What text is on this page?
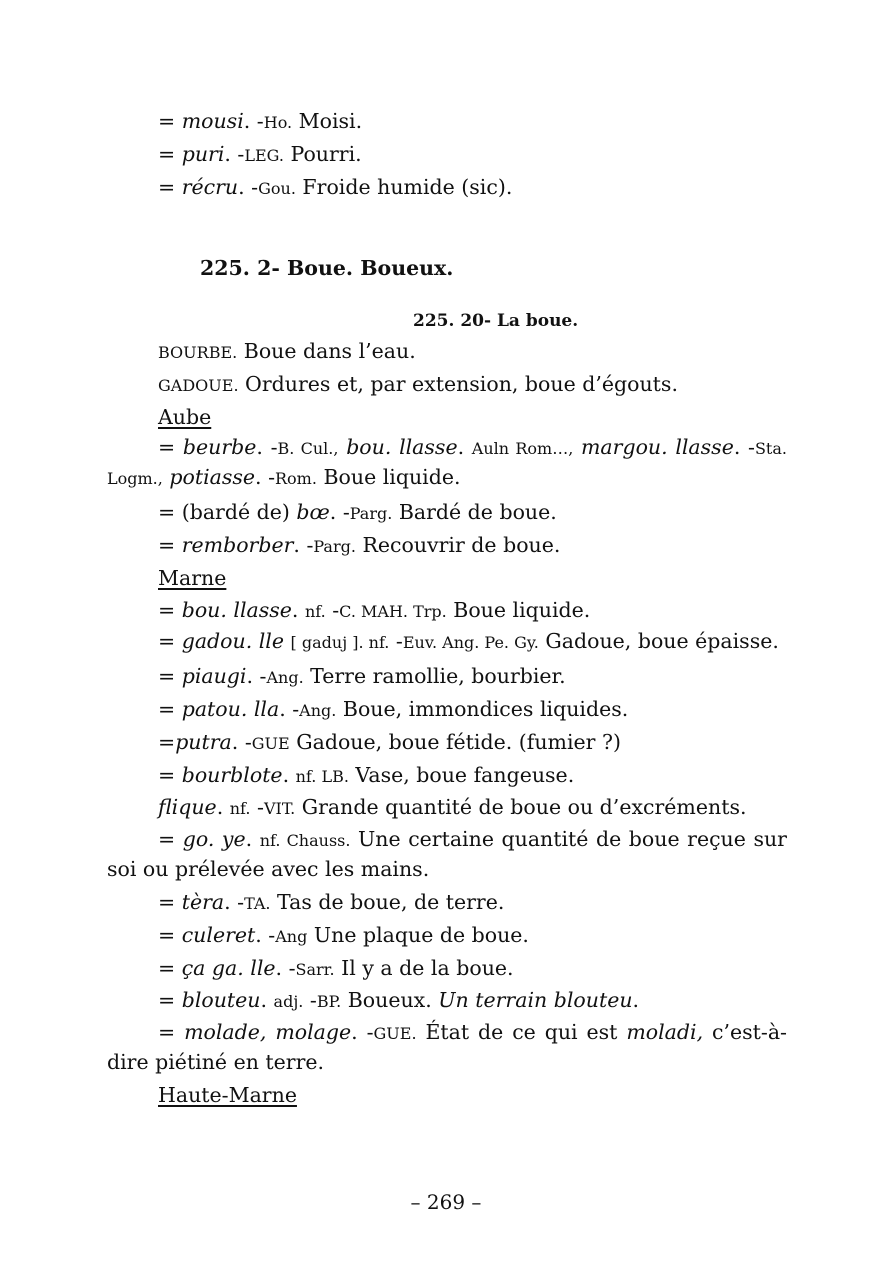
= mousi. -Ho. Moisi.

= puri. -LEG. Pourri.

= récru. -Gou. Froide humide (sic).

225. 2- Boue. Boueux.
225. 20- La boue.

BOURBE. Boue dans l’eau.

GADOUE. Ordures et, par extension, boue d’égouts.

Aube

= beurbe. -B. Cul., bou. llasse. Auln Rom…, margou. llasse. -Sta. Logm., potiasse. -Rom. Boue liquide.

= (bardé de) bœ. -Parg. Bardé de boue.

= remborber. -Parg. Recouvrir de boue.

Marne

= bou. llasse. nf. -C. MAH. Trp. Boue liquide.

= gadou. lle [ gaduj ]. nf. -Euv. Ang. Pe. Gy. Gadoue, boue épaisse.

= piaugi. -Ang. Terre ramollie, bourbier.

= patou. lla. -Ang. Boue, immondices liquides.

=putra. -GUE Gadoue, boue fétide. (fumier ?)

= bourblote. nf. LB. Vase, boue fangeuse.

flique. nf. -VIT. Grande quantité de boue ou d’excréments.

= go. ye. nf. Chauss. Une certaine quantité de boue reçue sur soi ou prélevée avec les mains.

= tèra. -TA. Tas de boue, de terre.

= culeret. -Ang Une plaque de boue.

= ça ga. lle. -Sarr. Il y a de la boue.

= blouteu. adj. -BP. Boueux. Un terrain blouteu.

= molade, molage. -GUE. État de ce qui est moladi, c’est-à-dire piétiné en terre.

Haute-Marne

– 269 –
